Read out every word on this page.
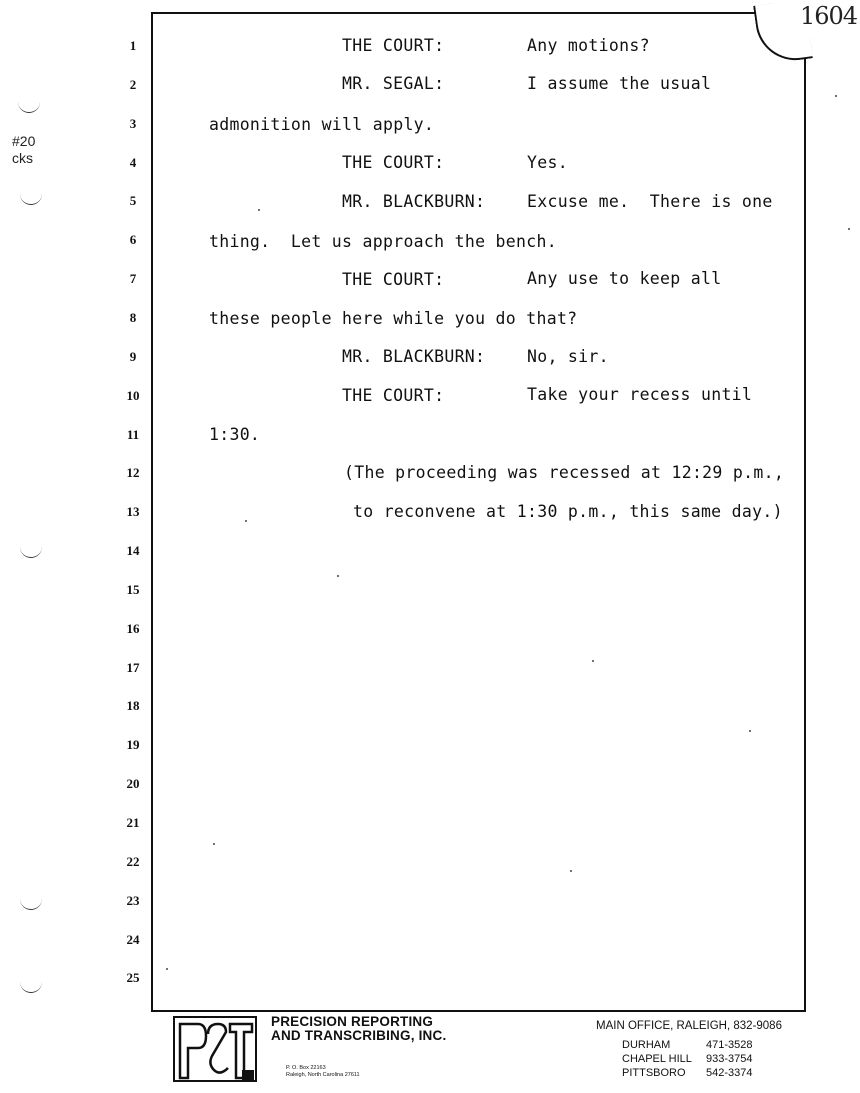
1604
#20
cks
1
2
3
4
5
6
7
8
9
10
11
12
13
14
15
16
17
18
19
20
21
22
23
24
25
THE COURT:	Any motions?
MR. SEGAL:	I assume the usual
admonition will apply.
THE COURT:	Yes.
MR. BLACKBURN:	Excuse me.  There is one
thing.  Let us approach the bench.
THE COURT:	Any use to keep all
these people here while you do that?
MR. BLACKBURN:	No, sir.
THE COURT:	Take your recess until
1:30.
(The proceeding was recessed at 12:29 p.m.,
to reconvene at 1:30 p.m., this same day.)
P&T
PRECISION REPORTING
AND TRANSCRIBING, INC.
P. O. Box 22163
Raleigh, North Carolina 27611
MAIN OFFICE, RALEIGH, 832-9086
DURHAM	471-3528
CHAPEL HILL 933-3754
PITTSBORO 542-3374
